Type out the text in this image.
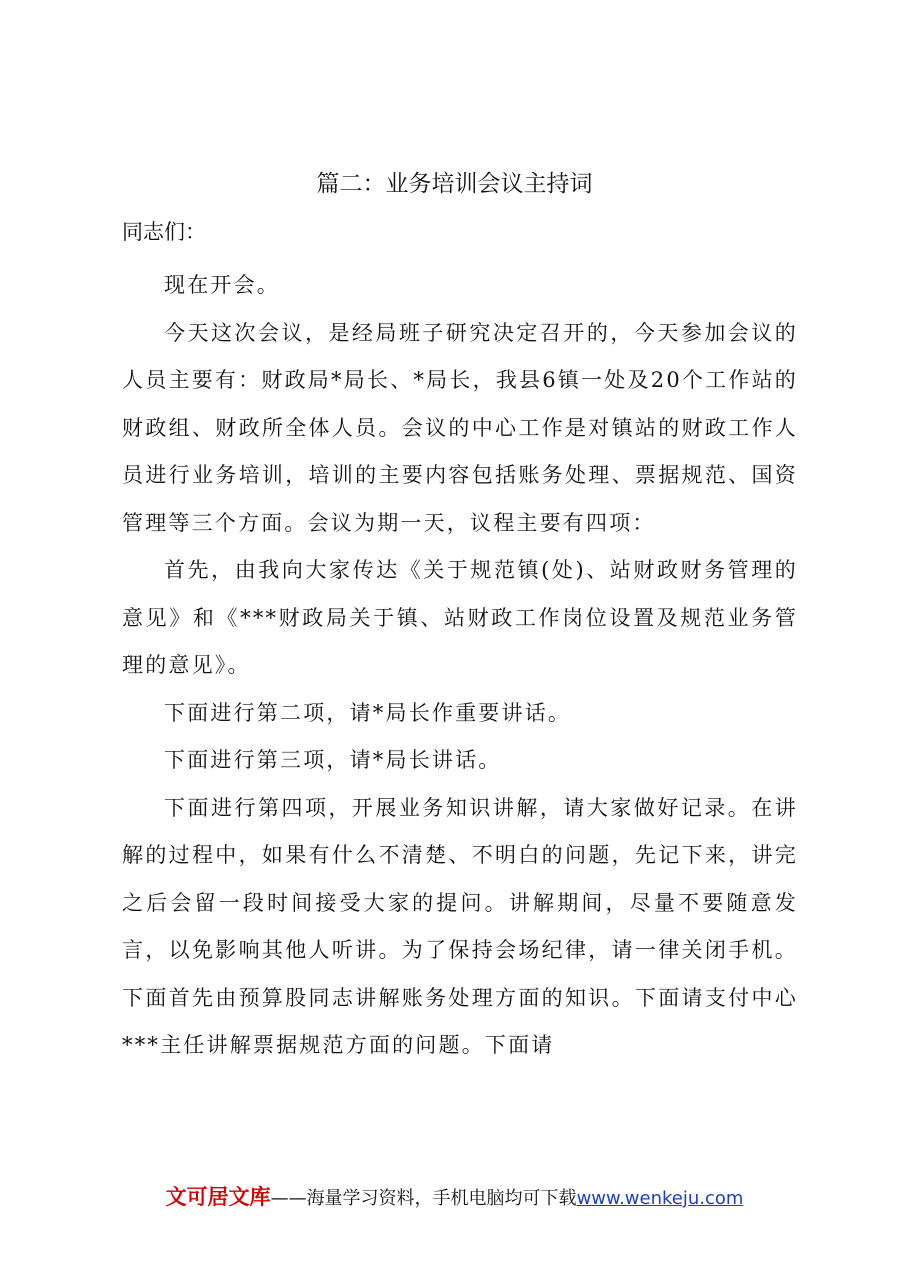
篇二：业务培训会议主持词
同志们：

现在开会。

今天这次会议，是经局班子研究决定召开的，今天参加会议的人员主要有：财政局*局长、*局长，我县6镇一处及20个工作站的财政组、财政所全体人员。会议的中心工作是对镇站的财政工作人员进行业务培训，培训的主要内容包括账务处理、票据规范、国资管理等三个方面。会议为期一天，议程主要有四项：

首先，由我向大家传达《关于规范镇(处)、站财政财务管理的意见》和《***财政局关于镇、站财政工作岗位设置及规范业务管理的意见》。

下面进行第二项，请*局长作重要讲话。

下面进行第三项，请*局长讲话。

下面进行第四项，开展业务知识讲解，请大家做好记录。在讲解的过程中，如果有什么不清楚、不明白的问题，先记下来，讲完之后会留一段时间接受大家的提问。讲解期间，尽量不要随意发言，以免影响其他人听讲。为了保持会场纪律，请一律关闭手机。下面首先由预算股同志讲解账务处理方面的知识。下面请支付中心***主任讲解票据规范方面的问题。下面请

文可居文库——海量学习资料，手机电脑均可下载www.wenkeju.com
